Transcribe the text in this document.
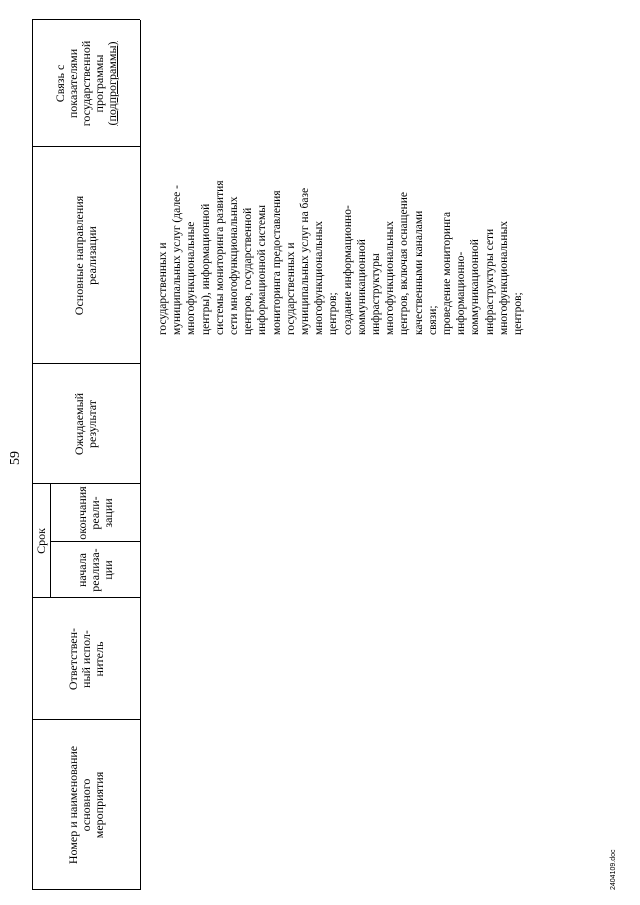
59
Номер и наименование основного мероприятия
Ответствен- ный испол- нитель
Срок
начала реализа- ции
окончания реали- зации
Ожидаемый результат
Основные направления реализации
Связь с показателями государственной программы (подпрограммы)
государственных и муниципальных услуг (далее - многофункциональные центры), информационной системы мониторинга развития сети многофункциональных центров, государственной информационной системы мониторинга предоставления государственных и муниципальных услуг на базе многофункциональных центров; создание информационно- коммуникационной инфраструктуры многофункциональных центров, включая оснащение качественными каналами связи; проведение мониторинга информационно- коммуникационной инфраструктуры сети многофункциональных центров;
2404109.doc
